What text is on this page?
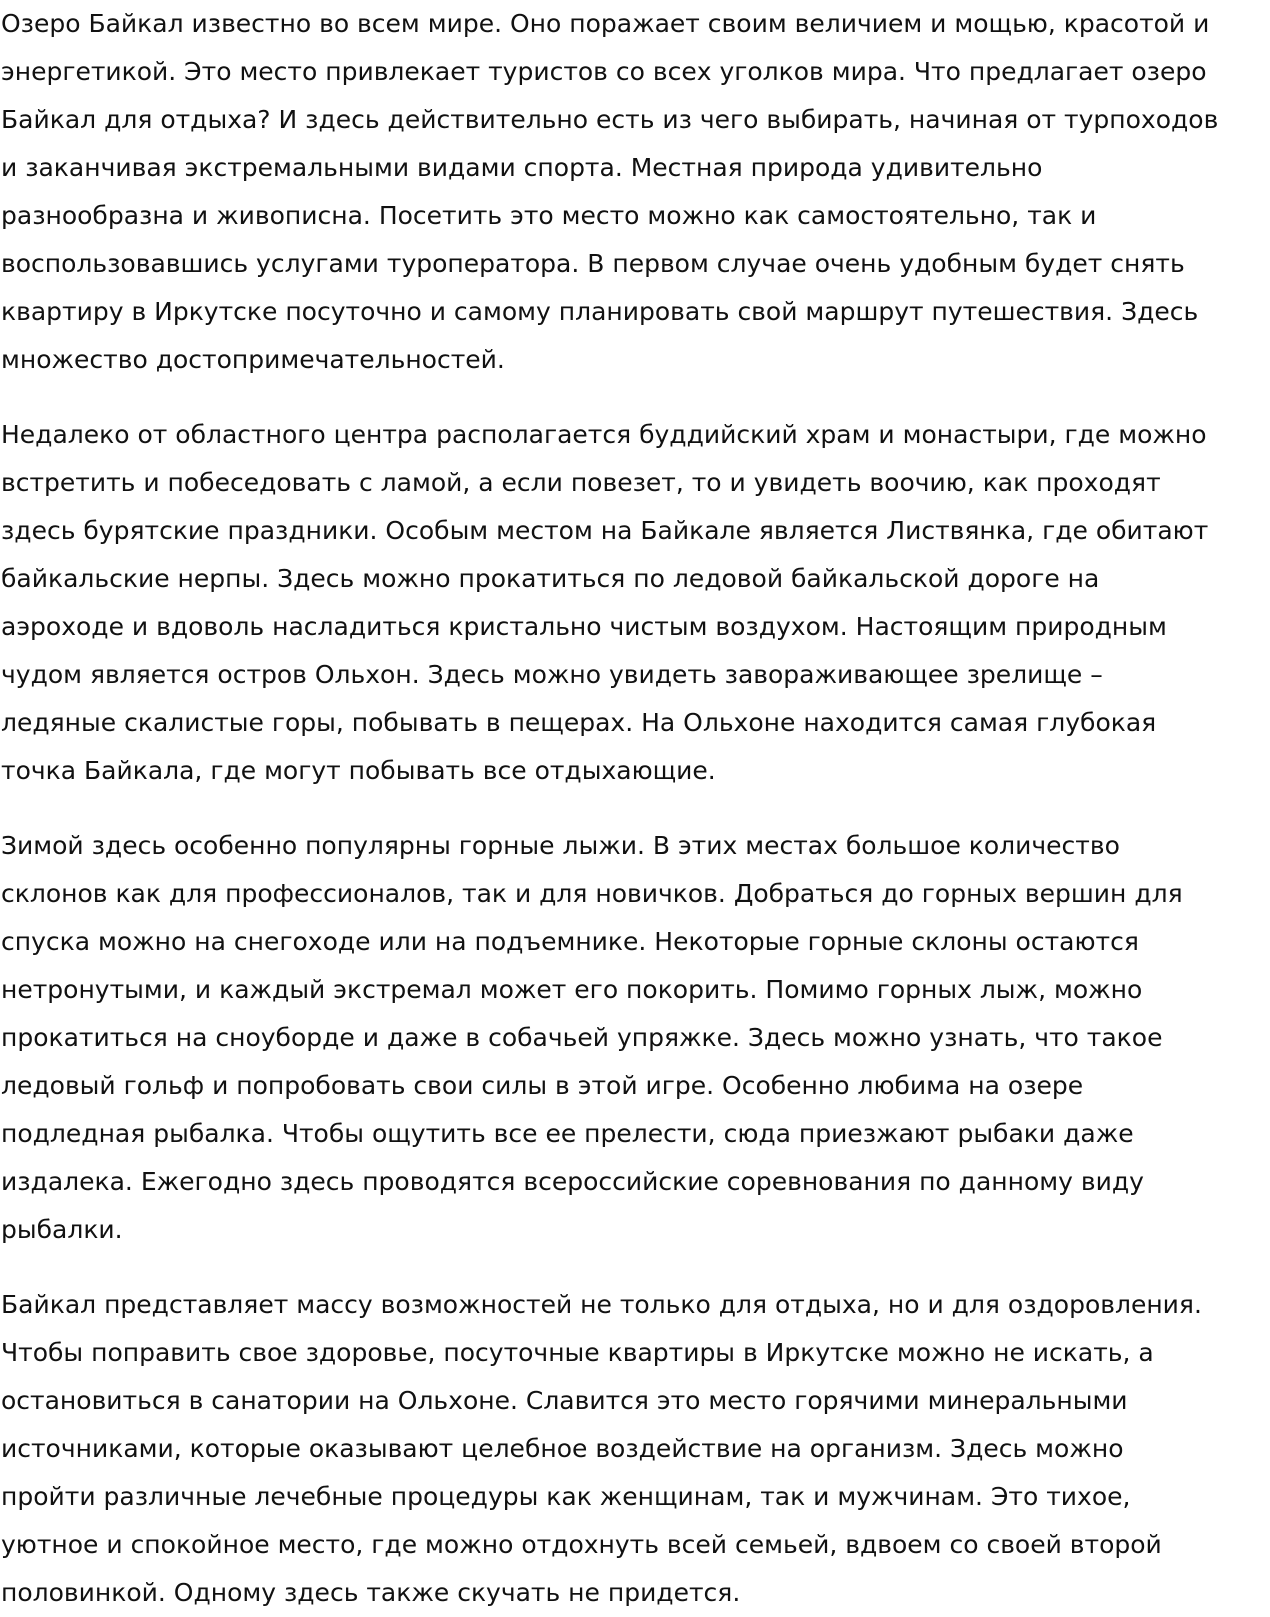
Озеро Байкал известно во всем мире. Оно поражает своим величием и мощью, красотой и
энергетикой. Это место привлекает туристов со всех уголков мира. Что предлагает озеро
Байкал для отдыха? И здесь действительно есть из чего выбирать, начиная от турпоходов
и заканчивая экстремальными видами спорта. Местная природа удивительно
разнообразна и живописна. Посетить это место можно как самостоятельно, так и
воспользовавшись услугами туроператора. В первом случае очень удобным будет снять
квартиру в Иркутске посуточно и самому планировать свой маршрут путешествия. Здесь
множество достопримечательностей.

Недалеко от областного центра располагается буддийский храм и монастыри, где можно
встретить и побеседовать с ламой, а если повезет, то и увидеть воочию, как проходят
здесь бурятские праздники. Особым местом на Байкале является Листвянка, где обитают
байкальские нерпы. Здесь можно прокатиться по ледовой байкальской дороге на
аэроходе и вдоволь насладиться кристально чистым воздухом. Настоящим природным
чудом является остров Ольхон. Здесь можно увидеть завораживающее зрелище –
ледяные скалистые горы, побывать в пещерах. На Ольхоне находится самая глубокая
точка Байкала, где могут побывать все отдыхающие.

Зимой здесь особенно популярны горные лыжи. В этих местах большое количество
склонов как для профессионалов, так и для новичков. Добраться до горных вершин для
спуска можно на снегоходе или на подъемнике. Некоторые горные склоны остаются
нетронутыми, и каждый экстремал может его покорить. Помимо горных лыж, можно
прокатиться на сноуборде и даже в собачьей упряжке. Здесь можно узнать, что такое
ледовый гольф и попробовать свои силы в этой игре. Особенно любима на озере
подледная рыбалка. Чтобы ощутить все ее прелести, сюда приезжают рыбаки даже
издалека. Ежегодно здесь проводятся всероссийские соревнования по данному виду
рыбалки.

Байкал представляет массу возможностей не только для отдыха, но и для оздоровления.
Чтобы поправить свое здоровье, посуточные квартиры в Иркутске можно не искать, а
остановиться в санатории на Ольхоне. Славится это место горячими минеральными
источниками, которые оказывают целебное воздействие на организм. Здесь можно
пройти различные лечебные процедуры как женщинам, так и мужчинам. Это тихое,
уютное и спокойное место, где можно отдохнуть всей семьей, вдвоем со своей второй
половинкой. Одному здесь также скучать не придется.
